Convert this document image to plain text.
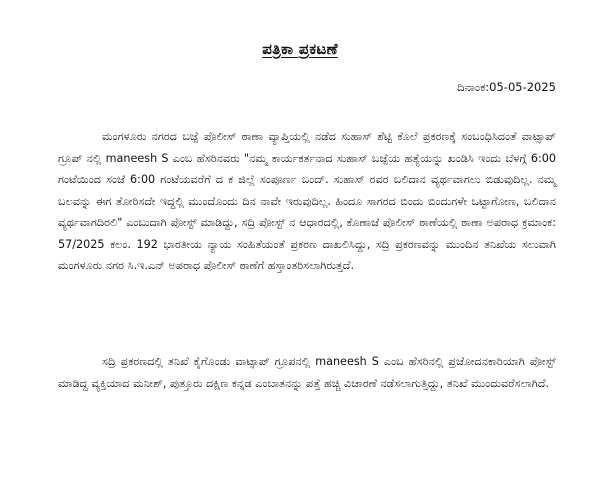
ಪತ್ರಿಕಾ ಪ್ರಕಟಣೆ
ದಿನಾಂಕ:05-05-2025

ಮಂಗಳೂರು ನಗರದ ಬಜ್ಪೆ ಪೊಲೀಸ್ ಠಾಣಾ ವ್ಯಾಪ್ತಿಯಲ್ಲಿ ನಡೆದ ಸುಹಾಸ್ ಶೆಟ್ಟಿ ಕೊಲೆ ಪ್ರಕರಣಕ್ಕೆ ಸಂಬಂಧಿಸಿದಂತೆ ವಾಟ್ಸಾಪ್ ಗ್ರೂಪ್ ನಲ್ಲಿ maneesh S ಎಂಬ ಹೆಸರಿನವರು "ನಮ್ಮ ಕಾರ್ಯಕರ್ತನಾದ ಸುಹಾಸ್ ಬಜ್ಪೆಯ ಹತ್ಯೆಯನ್ನು ಖಂಡಿಸಿ ಇಂದು ಬೆಳಗ್ಗೆ 6:00 ಗಂಟೆಯಿಂದ ಸಂಜೆ 6:00 ಗಂಟೆಯವರೆಗೆ ದ ಕ ಜಿಲ್ಲೆ ಸಂಪೂರ್ಣ ಬಂದ್. ಸುಹಾಸ್ ರವರ ಬಲಿದಾನ ವ್ಯರ್ಥವಾಗಲು ಬಿಡುವುದಿಲ್ಲ. ನಮ್ಮ ಬಲವನ್ನು ಈಗ ತೋರಿಸದೇ ಇದ್ದಲ್ಲಿ ಮುಂದೊಂದು ದಿನ ನಾವೇ ಇರುವುದಿಲ್ಲ. ಹಿಂದೂ ಸಾಗರದ ಬಿಂದು ಬಿಂದುಗಳೇ ಒಟ್ಟಾಗೋಣ, ಬಲಿದಾನ ವ್ಯರ್ಥವಾಗದಿರಲಿ" ಎಂಬುದಾಗಿ ಪೋಸ್ಟ್ ಮಾಡಿದ್ದು, ಸದ್ರಿ ಪೋಸ್ಟ್ ನ ಆಧಾರದಲ್ಲಿ, ಕೊಣಾಜೆ ಪೊಲೀಸ್ ಠಾಣೆಯಲ್ಲಿ ಠಾಣಾ ಅಪರಾಧ ಕ್ರಮಾಂಕ: 57/2025 ಕಲಂ. 192 ಭಾರತೀಯ ನ್ಯಾಯ ಸಂಹಿತೆಯಂತೆ ಪ್ರಕರಣ ದಾಖಲಿಸಿದ್ದು, ಸದ್ರಿ ಪ್ರಕರಣವನ್ನು ಮುಂದಿನ ತನಿಖೆಯ ಸಲುವಾಗಿ ಮಂಗಳೂರು ನಗರ ಸಿ.ಇ.ಎನ್ ಅಪರಾಧ ಪೊಲೀಸ್ ಠಾಣೆಗೆ ಹಸ್ತಾಂತರಿಸಲಾಗಿರುತ್ತದೆ.

ಸದ್ರಿ ಪ್ರಕರಣದಲ್ಲಿ ತನಿಖೆ ಕೈಗೊಂಡು ವಾಟ್ಸಾಪ್ ಗ್ರೂಪನಲ್ಲಿ maneesh S ಎಂಬ ಹೆಸರಿನಲ್ಲಿ ಪ್ರಚೋದನಕಾರಿಯಾಗಿ ಪೋಸ್ಟ್ ಮಾಡಿದ್ದ ವ್ಯಕ್ತಿಯಾದ ಮನೀಶ್, ಪುತ್ತೂರು ದಕ್ಷಿಣ ಕನ್ನಡ ಎಂಬಾತನನ್ನು ಪತ್ತೆ ಹಚ್ಚಿ ವಿಚಾರಣೆ ನಡೆಸಲಾಗುತ್ತಿದ್ದು, ತನಿಖೆ ಮುಂದುವರೆಸಲಾಗಿದೆ.
